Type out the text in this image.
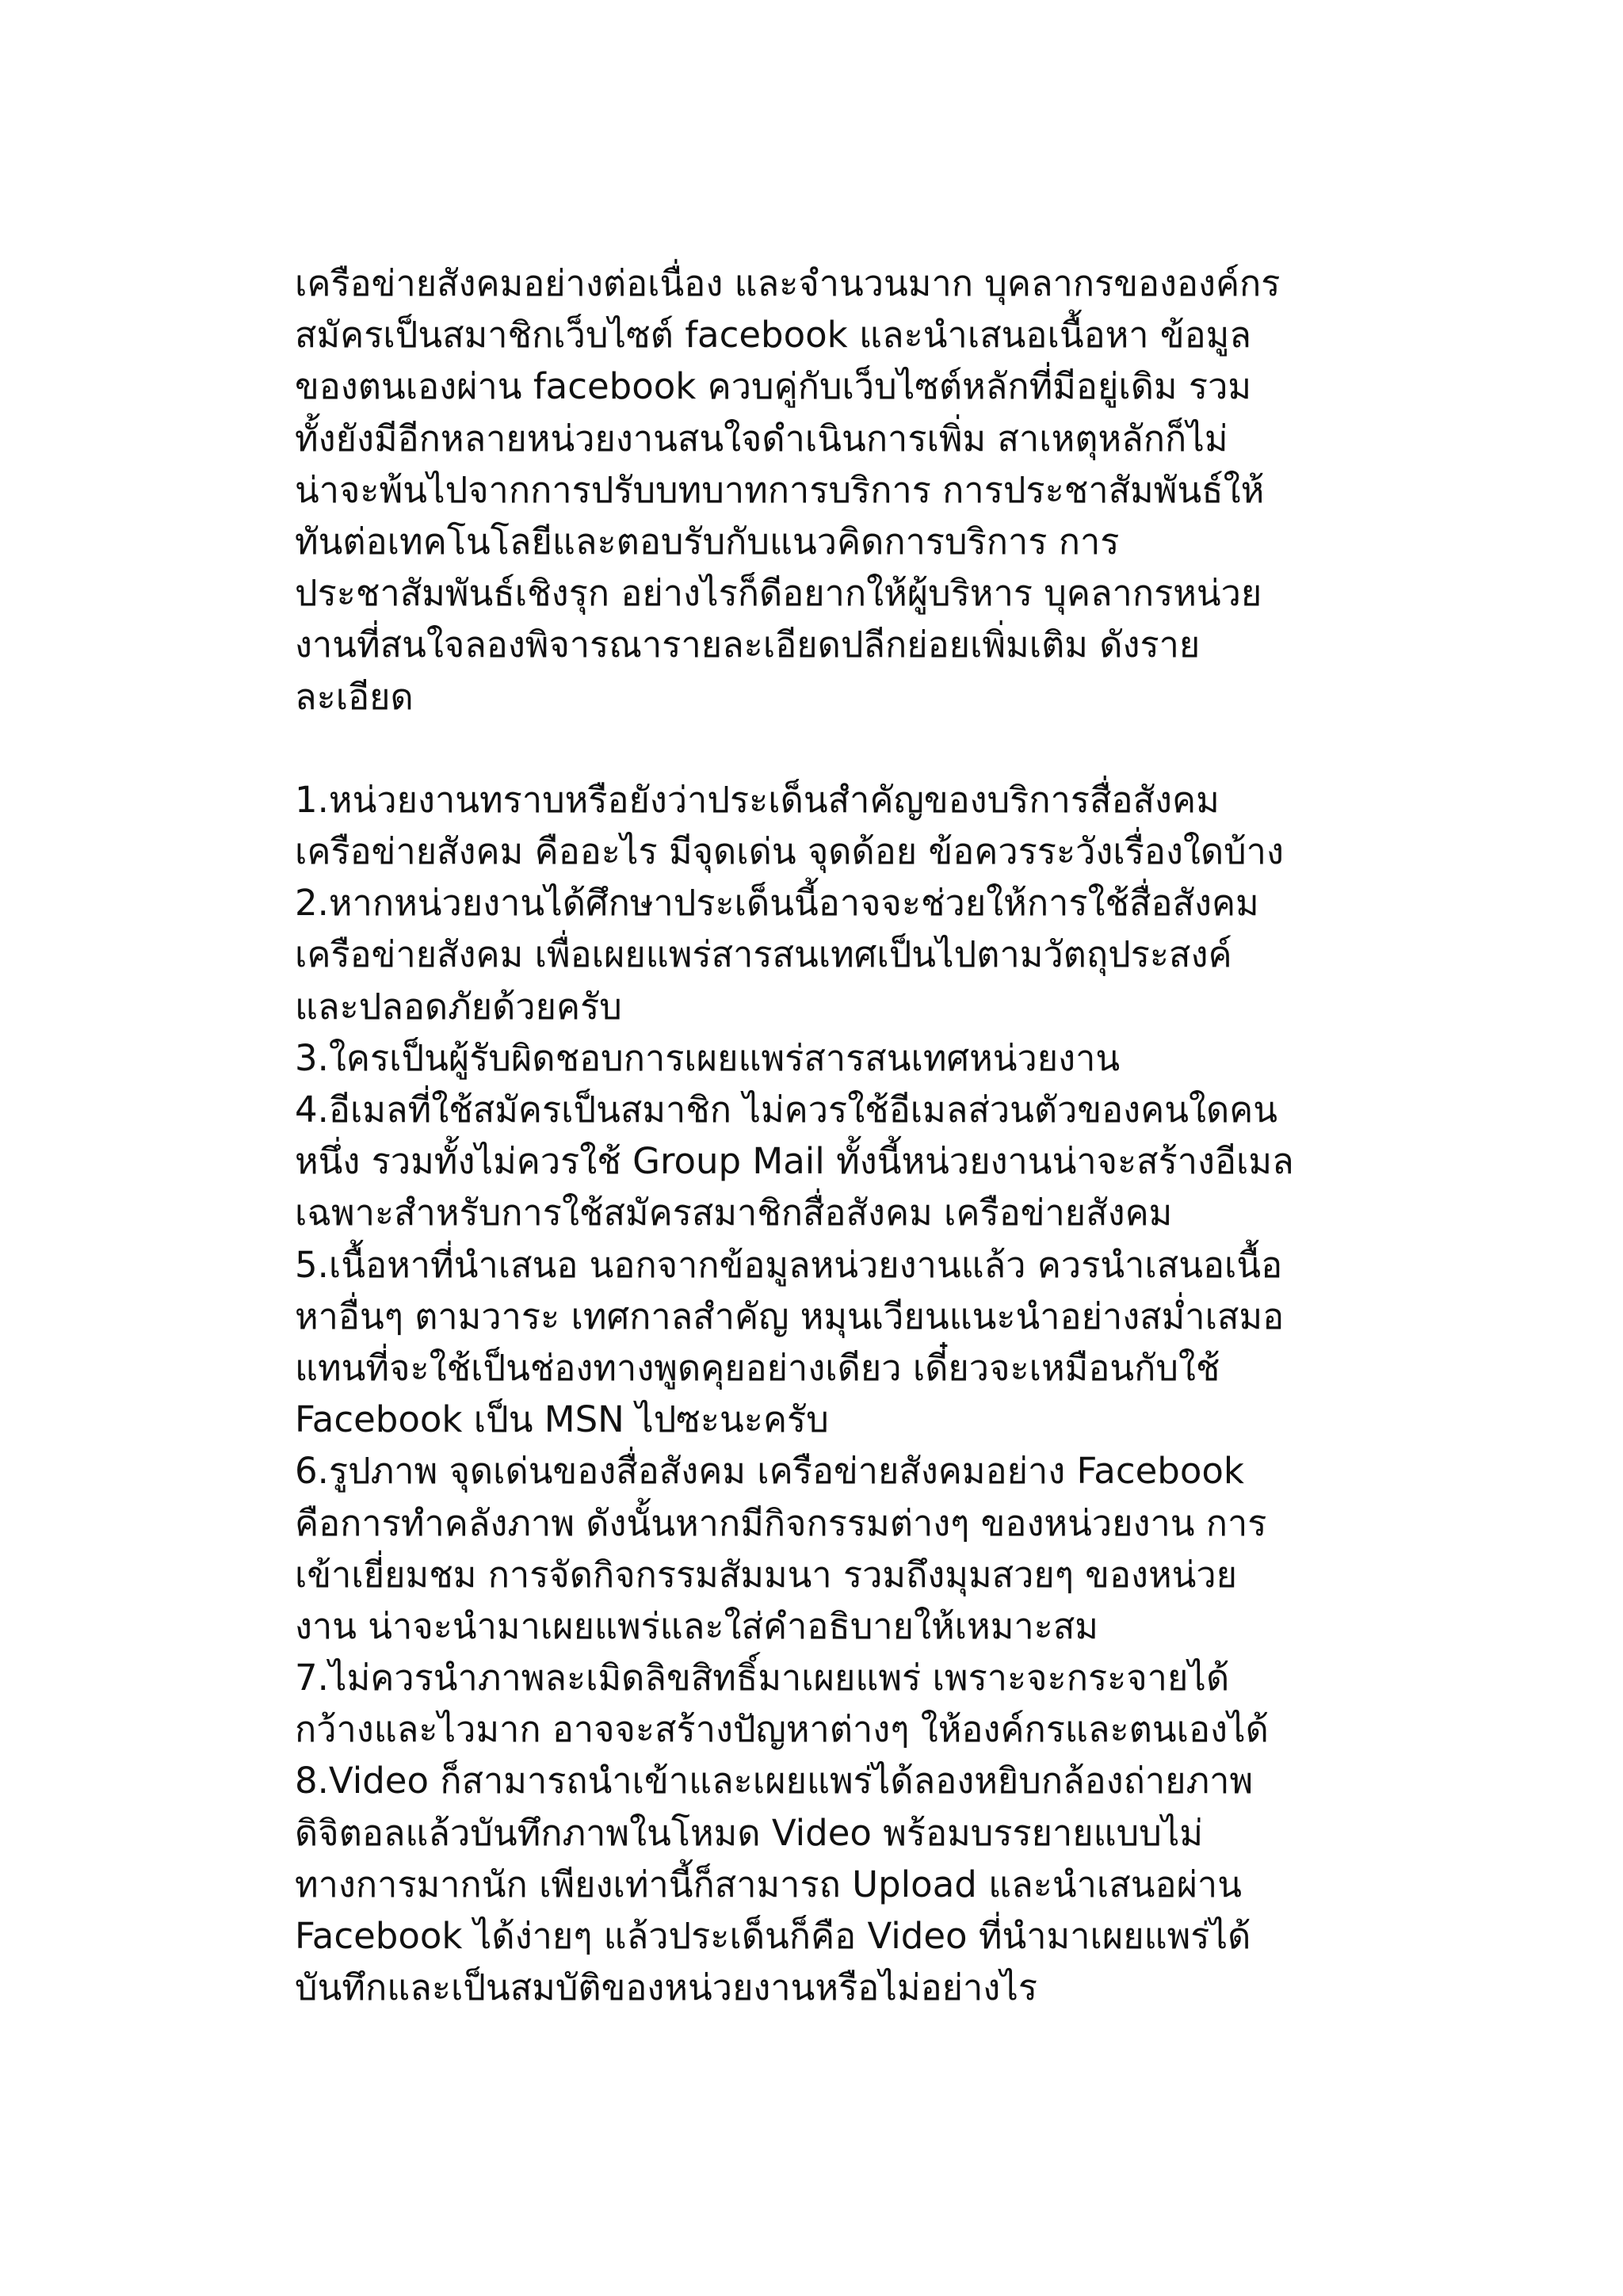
เครือข่ายสังคมอย่างต่อเนื่อง และจำนวนมาก บุคลากรขององค์กร
สมัครเป็นสมาชิกเว็บไซต์ facebook และนำเสนอเนื้อหา ข้อมูล
ของตนเองผ่าน facebook ควบคู่กับเว็บไซต์หลักที่มีอยู่เดิม รวม
ทั้งยังมีอีกหลายหน่วยงานสนใจดำเนินการเพิ่ม สาเหตุหลักก็ไม่
น่าจะพ้นไปจากการปรับบทบาทการบริการ การประชาสัมพันธ์ให้
ทันต่อเทคโนโลยีและตอบรับกับแนวคิดการบริการ การ
ประชาสัมพันธ์เชิงรุก อย่างไรก็ดีอยากให้ผู้บริหาร บุคลากรหน่วย
งานที่สนใจลองพิจารณารายละเอียดปลีกย่อยเพิ่มเติม ดังราย
ละเอียด
1.หน่วยงานทราบหรือยังว่าประเด็นสำคัญของบริการสื่อสังคม
เครือข่ายสังคม คืออะไร มีจุดเด่น จุดด้อย ข้อควรระวังเรื่องใดบ้าง
2.หากหน่วยงานได้ศึกษาประเด็นนี้อาจจะช่วยให้การใช้สื่อสังคม
เครือข่ายสังคม เพื่อเผยแพร่สารสนเทศเป็นไปตามวัตถุประสงค์
และปลอดภัยด้วยครับ
3.ใครเป็นผู้รับผิดชอบการเผยแพร่สารสนเทศหน่วยงาน
4.อีเมลที่ใช้สมัครเป็นสมาชิก ไม่ควรใช้อีเมลส่วนตัวของคนใดคน
หนึ่ง รวมทั้งไม่ควรใช้ Group Mail ทั้งนี้หน่วยงานน่าจะสร้างอีเมล
เฉพาะสำหรับการใช้สมัครสมาชิกสื่อสังคม เครือข่ายสังคม
5.เนื้อหาที่นำเสนอ นอกจากข้อมูลหน่วยงานแล้ว ควรนำเสนอเนื้อ
หาอื่นๆ ตามวาระ เทศกาลสำคัญ หมุนเวียนแนะนำอย่างสม่ำเสมอ
แทนที่จะใช้เป็นช่องทางพูดคุยอย่างเดียว เดี๋ยวจะเหมือนกับใช้
Facebook เป็น MSN ไปซะนะครับ
6.รูปภาพ จุดเด่นของสื่อสังคม เครือข่ายสังคมอย่าง Facebook
คือการทำคลังภาพ ดังนั้นหากมีกิจกรรมต่างๆ ของหน่วยงาน การ
เข้าเยี่ยมชม การจัดกิจกรรมสัมมนา รวมถึงมุมสวยๆ ของหน่วย
งาน น่าจะนำมาเผยแพร่และใส่คำอธิบายให้เหมาะสม
7.ไม่ควรนำภาพละเมิดลิขสิทธิ์มาเผยแพร่ เพราะจะกระจายได้
กว้างและไวมาก อาจจะสร้างปัญหาต่างๆ ให้องค์กรและตนเองได้
8.Video ก็สามารถนำเข้าและเผยแพร่ได้ลองหยิบกล้องถ่ายภาพ
ดิจิตอลแล้วบันทึกภาพในโหมด Video พร้อมบรรยายแบบไม่
ทางการมากนัก เพียงเท่านี้ก็สามารถ Upload และนำเสนอผ่าน
Facebook ได้ง่ายๆ แล้วประเด็นก็คือ Video ที่นำมาเผยแพร่ได้
บันทึกและเป็นสมบัติของหน่วยงานหรือไม่อย่างไร
